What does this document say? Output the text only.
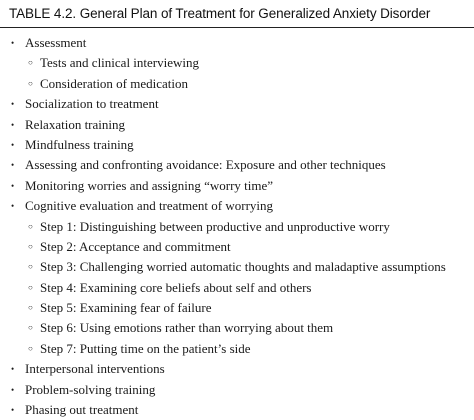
TABLE 4.2. General Plan of Treatment for Generalized Anxiety Disorder
• Assessment
○ Tests and clinical interviewing
○ Consideration of medication
• Socialization to treatment
• Relaxation training
• Mindfulness training
• Assessing and confronting avoidance: Exposure and other techniques
• Monitoring worries and assigning “worry time”
• Cognitive evaluation and treatment of worrying
○ Step 1: Distinguishing between productive and unproductive worry
○ Step 2: Acceptance and commitment
○ Step 3: Challenging worried automatic thoughts and maladaptive assumptions
○ Step 4: Examining core beliefs about self and others
○ Step 5: Examining fear of failure
○ Step 6: Using emotions rather than worrying about them
○ Step 7: Putting time on the patient’s side
• Interpersonal interventions
• Problem-solving training
• Phasing out treatment
